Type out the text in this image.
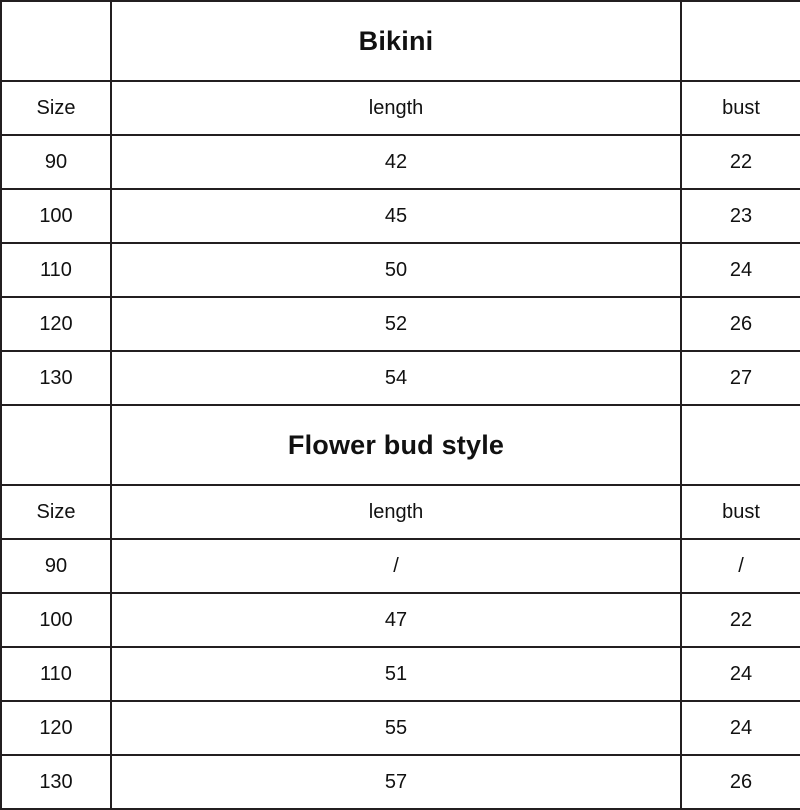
	Bikini	
Size	length	bust
90	42	22
100	45	23
110	50	24
120	52	26
130	54	27
	Flower bud style	
Size	length	bust
90	/	/
100	47	22
110	51	24
120	55	24
130	57	26
